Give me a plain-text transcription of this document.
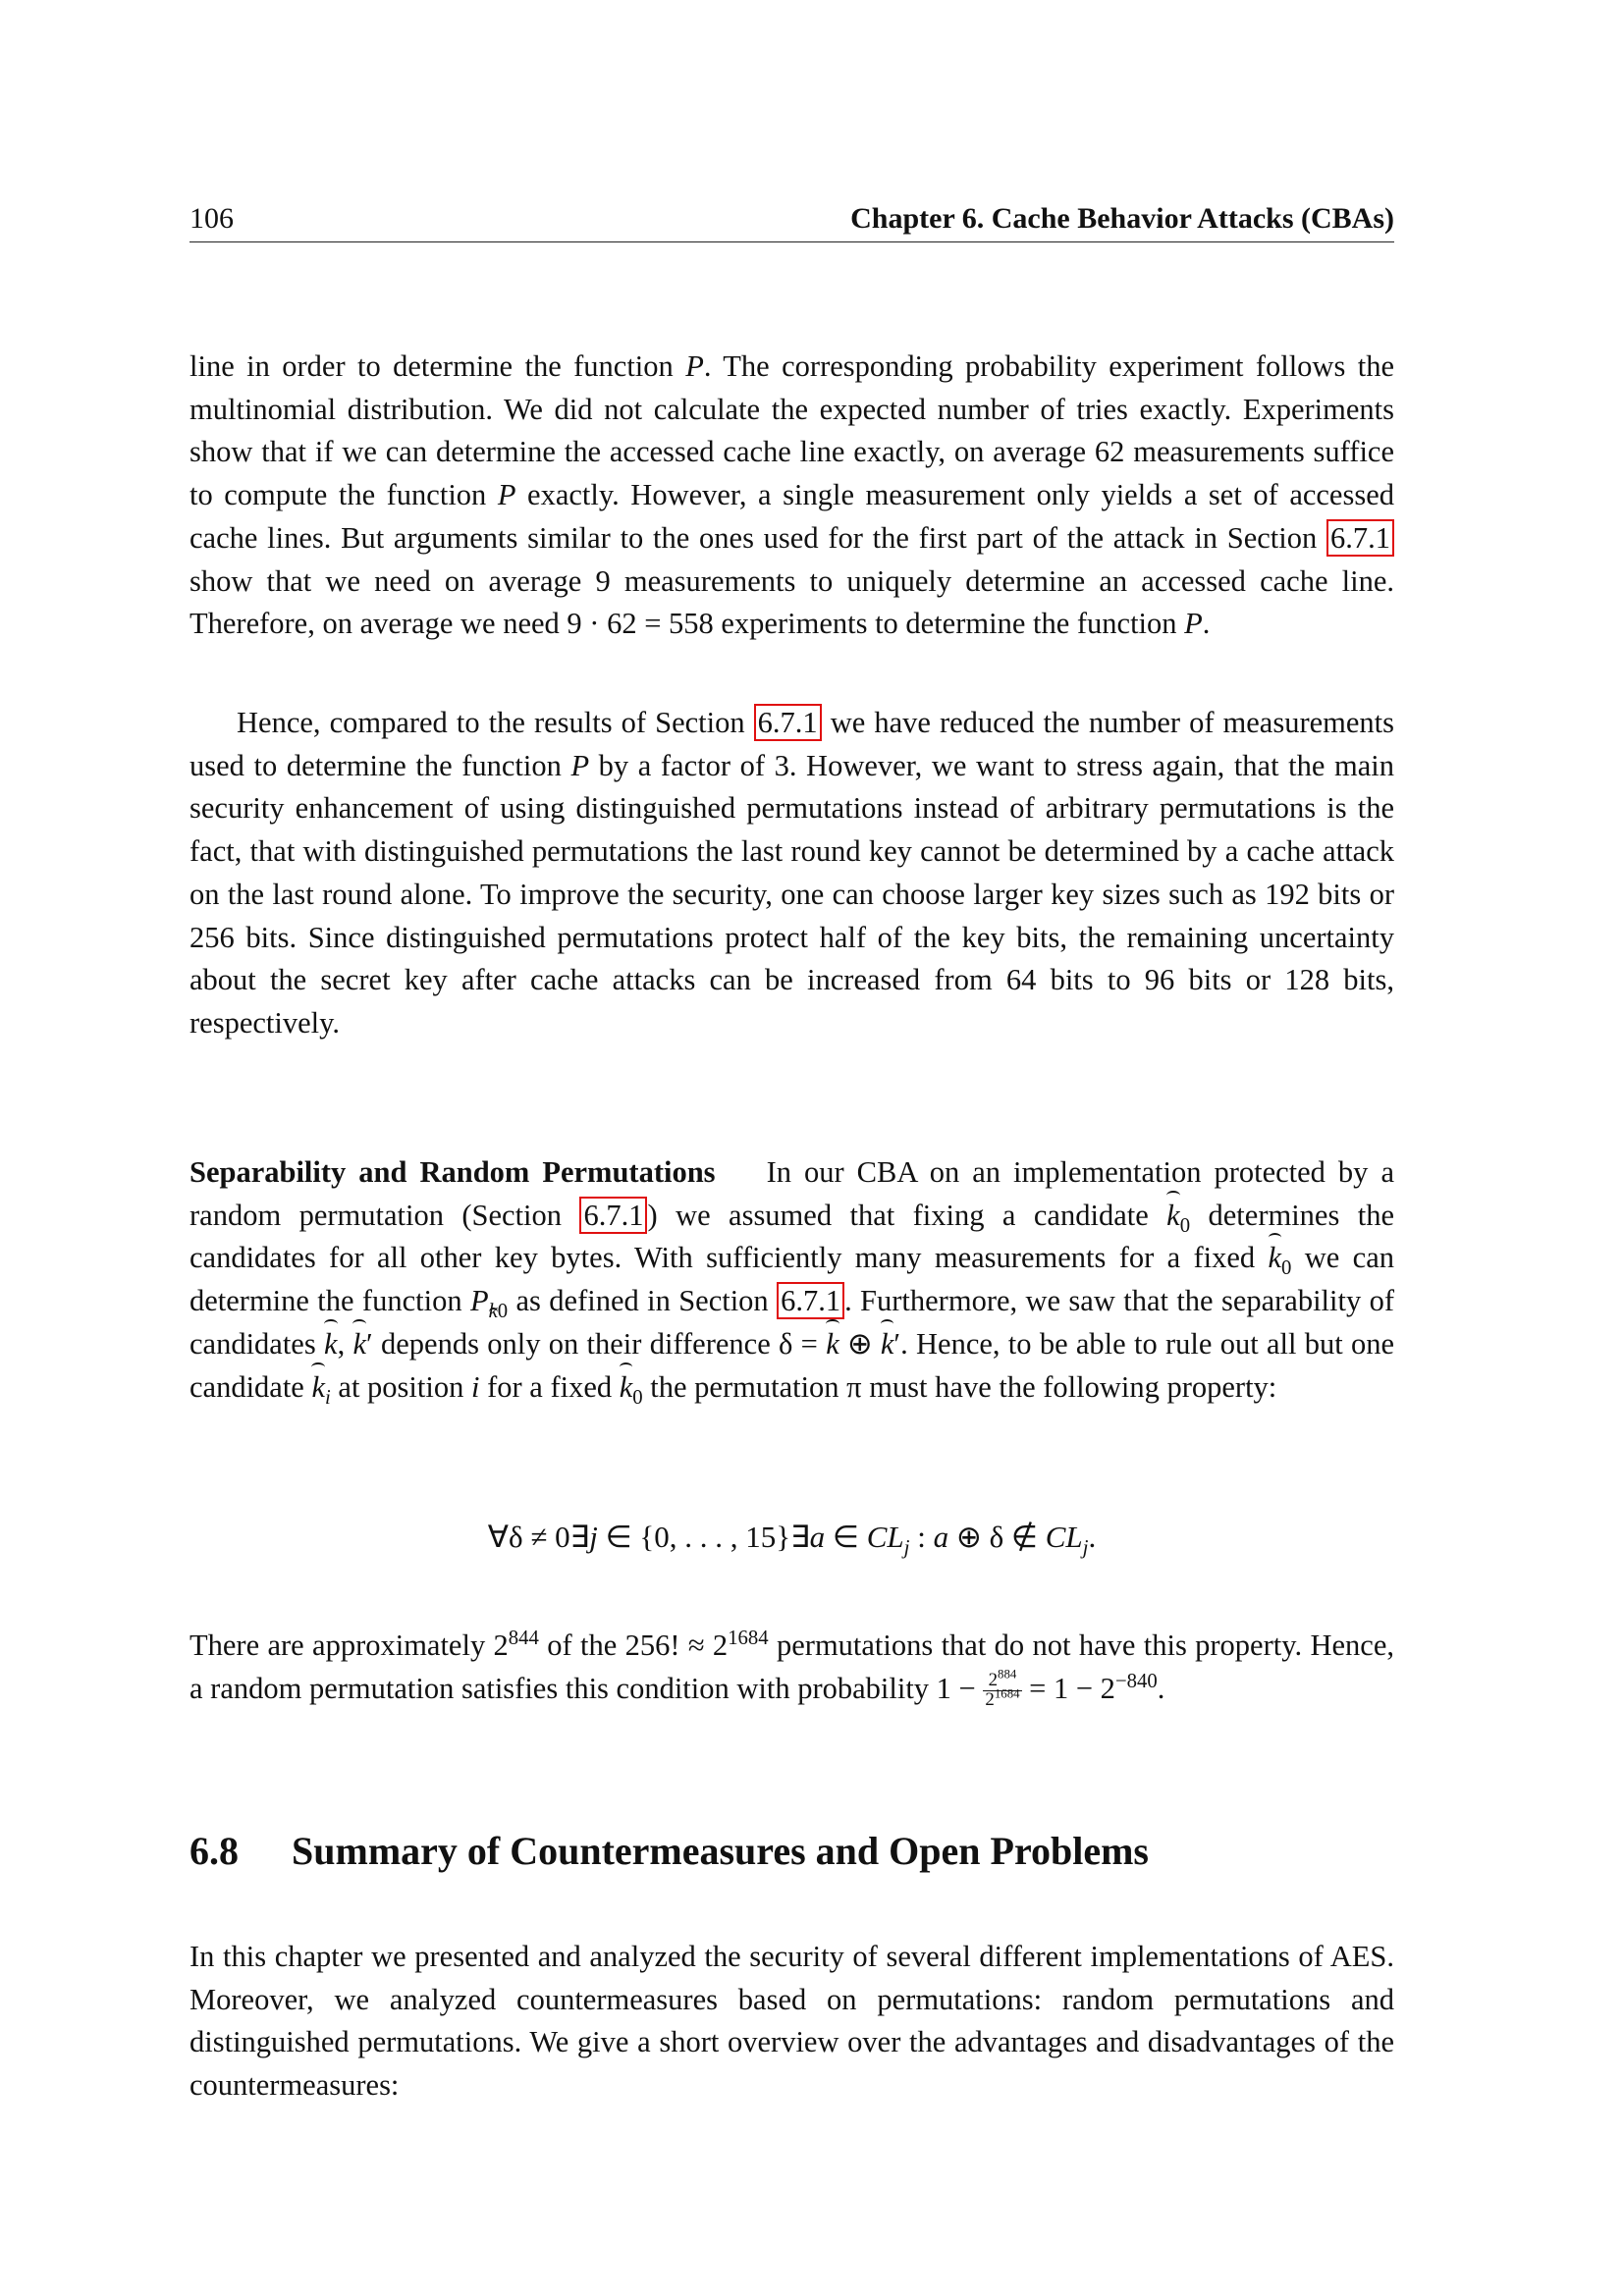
106	Chapter 6. Cache Behavior Attacks (CBAs)

line in order to determine the function P. The corresponding probability experiment follows the multinomial distribution. We did not calculate the expected number of tries exactly. Experiments show that if we can determine the accessed cache line exactly, on average 62 measurements suffice to compute the function P exactly. However, a single measurement only yields a set of accessed cache lines. But arguments similar to the ones used for the first part of the attack in Section 6.7.1 show that we need on average 9 measurements to uniquely determine an accessed cache line. Therefore, on average we need 9 · 62 = 558 experiments to determine the function P.

Hence, compared to the results of Section 6.7.1 we have reduced the number of measurements used to determine the function P by a factor of 3. However, we want to stress again, that the main security enhancement of using distinguished permutations instead of arbitrary permutations is the fact, that with distinguished permutations the last round key cannot be determined by a cache attack on the last round alone. To improve the security, one can choose larger key sizes such as 192 bits or 256 bits. Since distinguished permutations protect half of the key bits, the remaining uncertainty about the secret key after cache attacks can be increased from 64 bits to 96 bits or 128 bits, respectively.

Separability and Random Permutations In our CBA on an implementation protected by a random permutation (Section 6.7.1 ) we assumed that fixing a candidate $k_0$ determines the candidates for all other key bytes. With sufficiently many measurements for a fixed $k_0$ we can determine the function $P_{k0}$ as defined in Section 6.7.1 . Furthermore, we saw that the separability of candidates k, k′ depends only on their difference δ = k ⊕ k′. Hence, to be able to rule out all but one candidate $k_i$ at position i for a fixed $k_0$ the permutation π must have the following property:

∀δ ≠ 0∃j ∈ {0, . . . , 15}∃a ∈ $CL_j$ : a ⊕ δ ∉ $CL_j$.

There are approximately $2^{844}$ of the 256! ≈ $2^{1684}$ permutations that do not have this property. Hence, a random permutation satisfies this condition with probability $1 - \frac{2^{884}}{2^{1684}} = 1 - 2^{-840}$.

6.8 Summary of Countermeasures and Open Problems

In this chapter we presented and analyzed the security of several different implementations of AES. Moreover, we analyzed countermeasures based on permutations: random permutations and distinguished permutations. We give a short overview over the advantages and disadvantages of the countermeasures:
